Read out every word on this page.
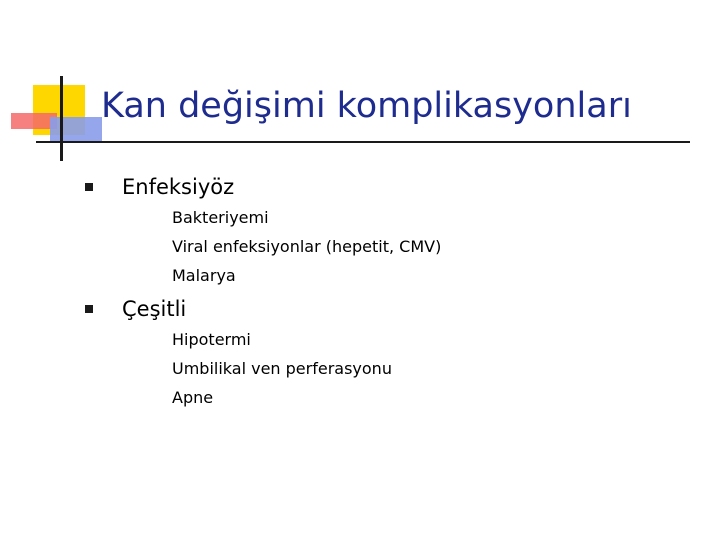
Kan değişimi komplikasyonları
Enfeksiyöz
Bakteriyemi
Viral enfeksiyonlar (hepetit, CMV)
Malarya
Çeşitli
Hipotermi
Umbilikal ven perferasyonu
Apne
